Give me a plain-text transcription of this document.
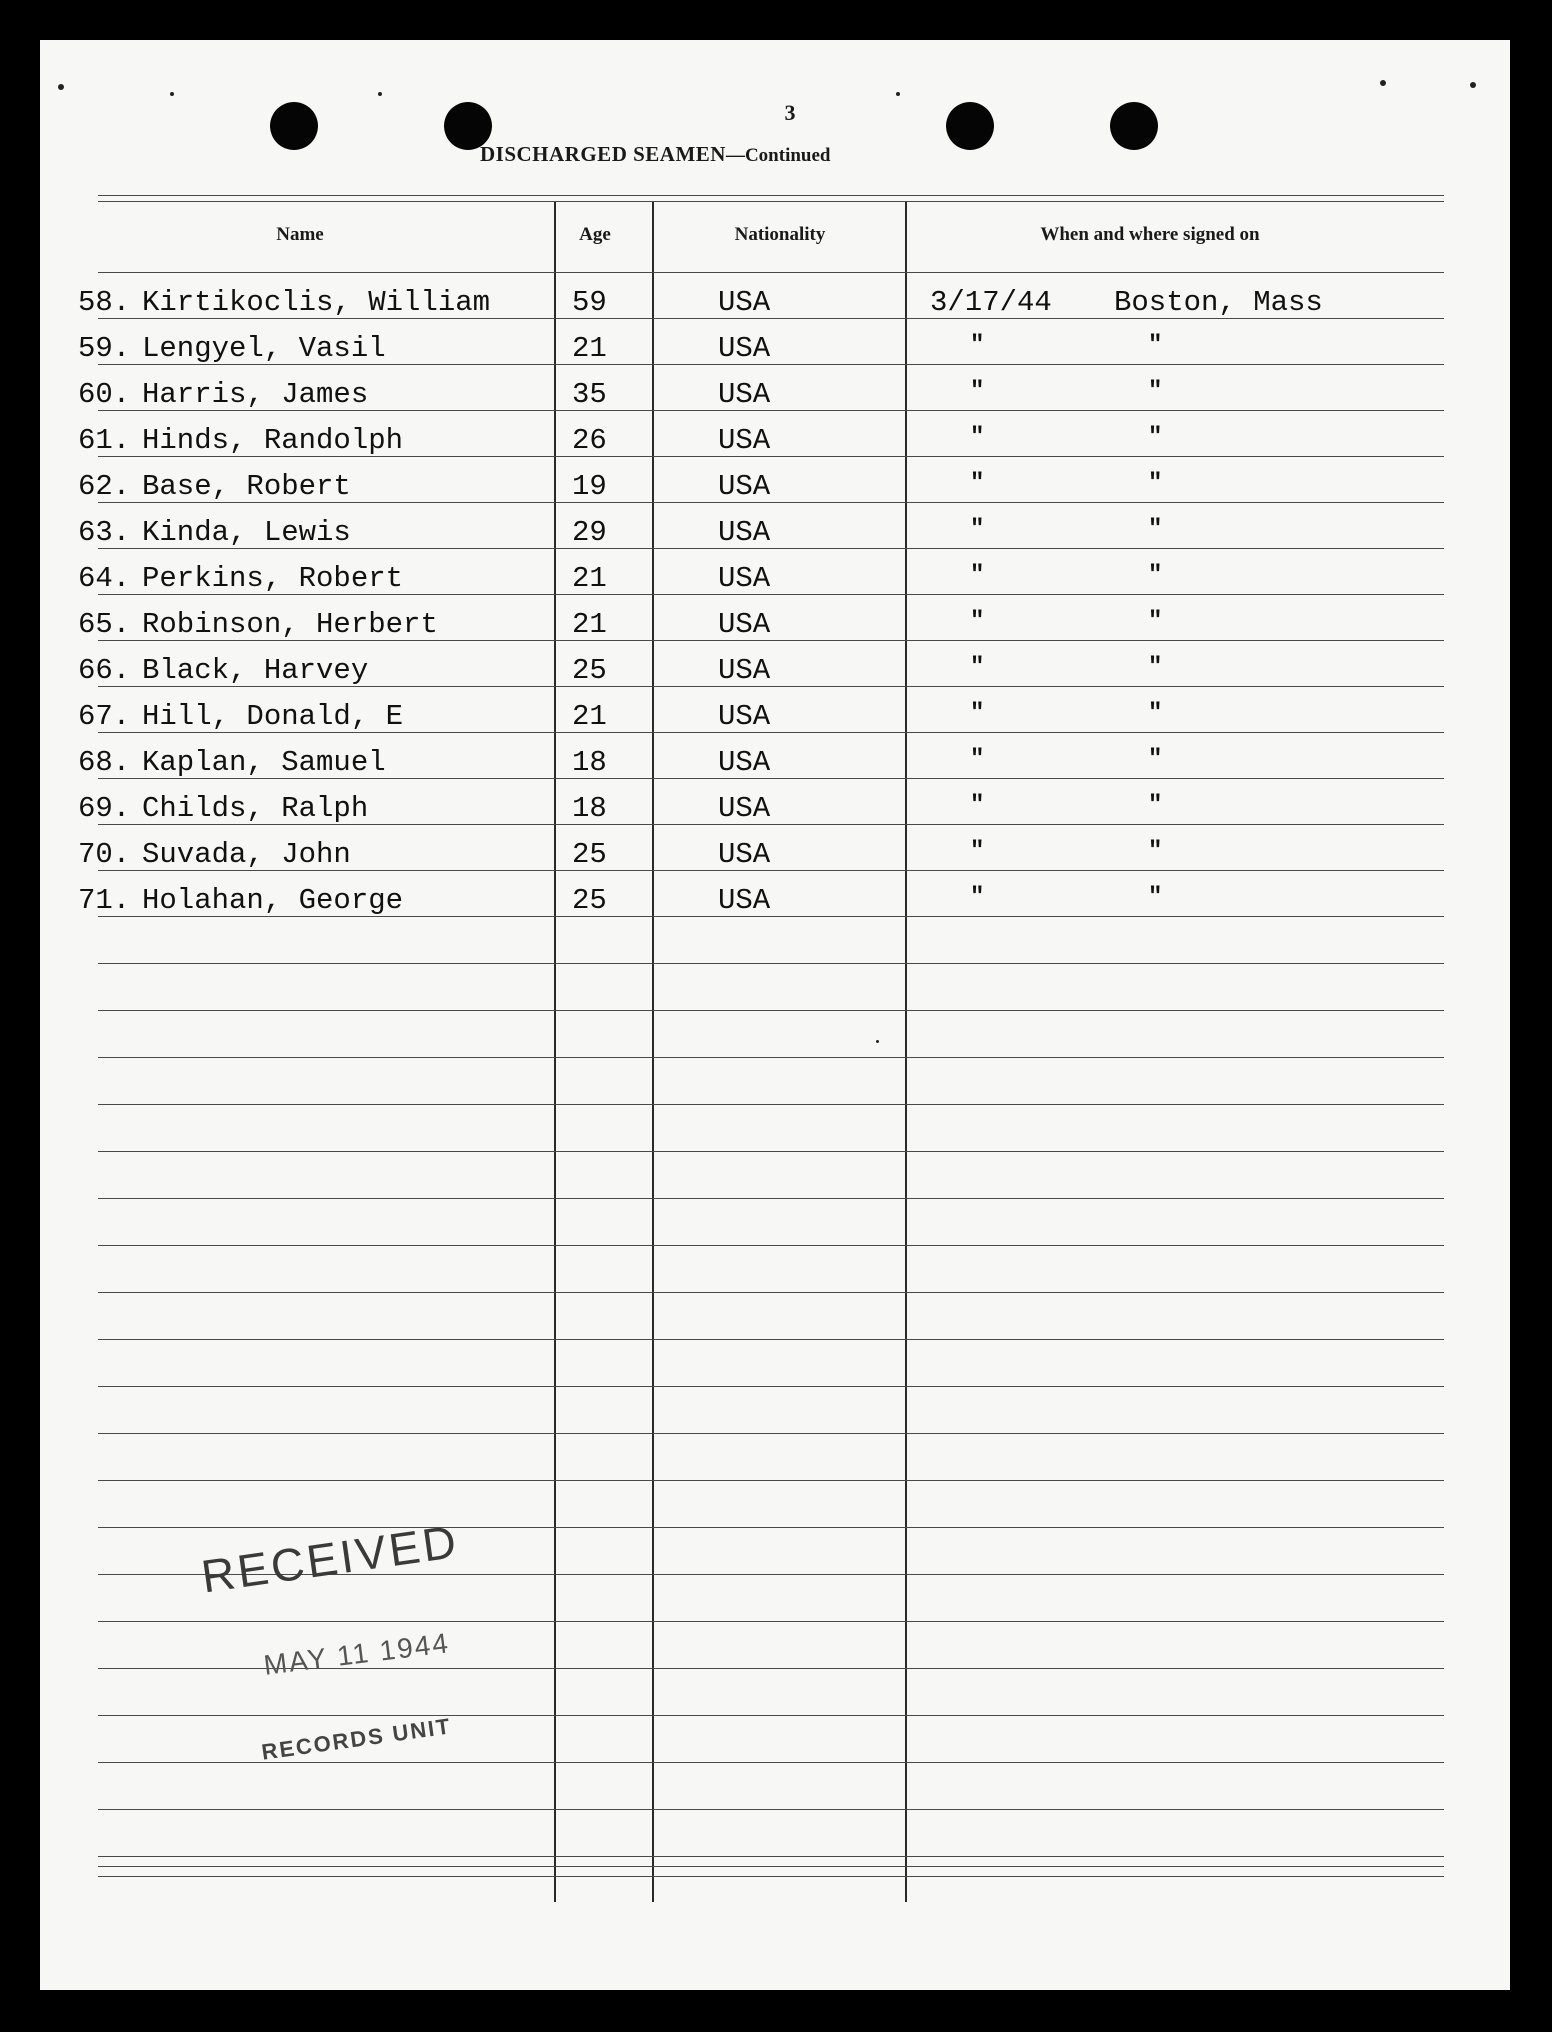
3
DISCHARGED SEAMEN—Continued
Name	Age	Nationality	When and where signed on
58. Kirtikoclis, William	59	USA	3/17/44 Boston, Mass
59. Lengyel, Vasil	21	USA	"	"
60. Harris, James	35	USA	"	"
61. Hinds, Randolph	26	USA	"	"
62. Base, Robert	19	USA	"	"
63. Kinda, Lewis	29	USA	"	"
64. Perkins, Robert	21	USA	"	"
65. Robinson, Herbert	21	USA	"	"
66. Black, Harvey	25	USA	"	"
67. Hill, Donald, E	21	USA	"	"
68. Kaplan, Samuel	18	USA	"	"
69. Childs, Ralph	18	USA	"	"
70. Suvada, John	25	USA	"	"
71. Holahan, George	25	USA	"	"
RECEIVED
MAY 11 1944
RECORDS UNIT
